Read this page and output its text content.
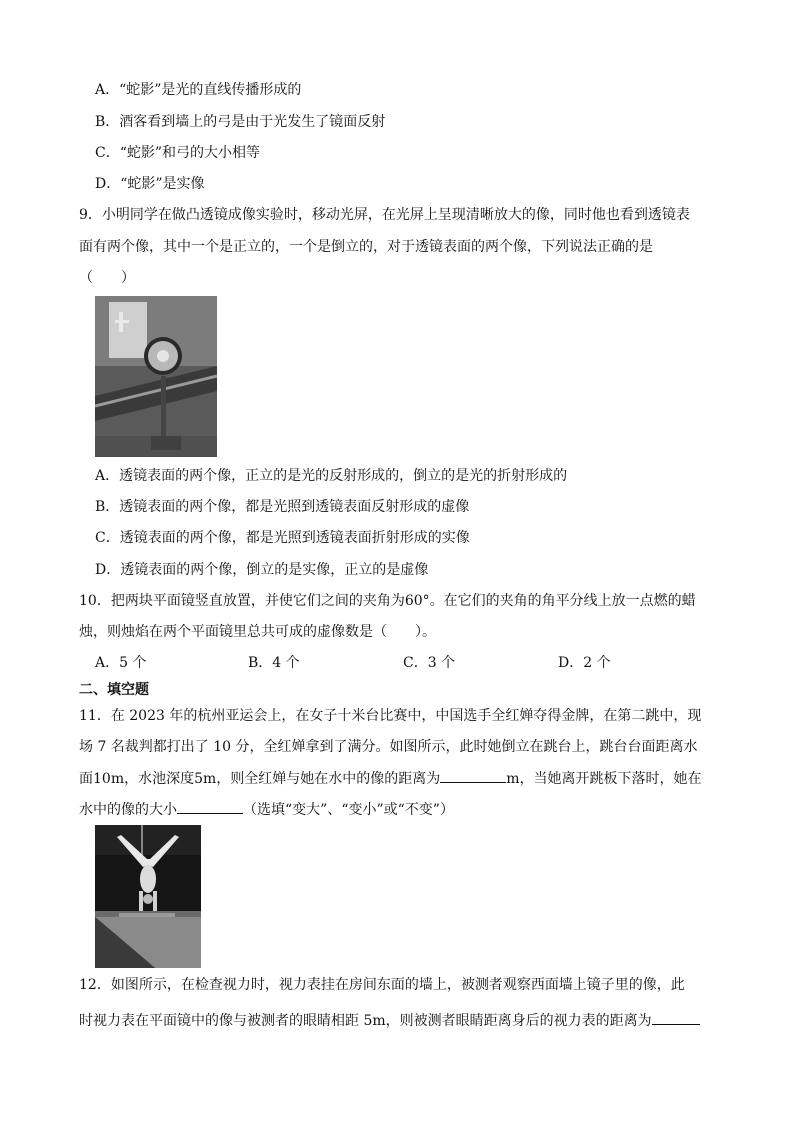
A．“蛇影”是光的直线传播形成的
B．酒客看到墙上的弓是由于光发生了镜面反射
C．“蛇影”和弓的大小相等
D．“蛇影”是实像
9．小明同学在做凸透镜成像实验时，移动光屏，在光屏上呈现清晰放大的像，同时他也看到透镜表
面有两个像，其中一个是正立的，一个是倒立的，对于透镜表面的两个像，下列说法正确的是
（　　）
A．透镜表面的两个像，正立的是光的反射形成的，倒立的是光的折射形成的
B．透镜表面的两个像，都是光照到透镜表面反射形成的虚像
C．透镜表面的两个像，都是光照到透镜表面折射形成的实像
D．透镜表面的两个像，倒立的是实像，正立的是虚像
10．把两块平面镜竖直放置，并使它们之间的夹角为60°。在它们的夹角的角平分线上放一点燃的蜡
烛，则烛焰在两个平面镜里总共可成的虚像数是（　　）。
A．5 个	B．4 个	C．3 个	D．2 个
二、填空题
11．在 2023 年的杭州亚运会上，在女子十米台比赛中，中国选手全红婵夺得金牌，在第二跳中，现
场 7 名裁判都打出了 10 分，全红婵拿到了满分。如图所示，此时她倒立在跳台上，跳台台面距离水
面10m，水池深度5m，则全红婵与她在水中的像的距离为	m，当她离开跳板下落时，她在
水中的像的大小	（选填“变大”、“变小”或“不变”）
12．如图所示，在检查视力时，视力表挂在房间东面的墙上，被测者观察西面墙上镜子里的像，此
时视力表在平面镜中的像与被测者的眼睛相距 5m，则被测者眼睛距离身后的视力表的距离为
